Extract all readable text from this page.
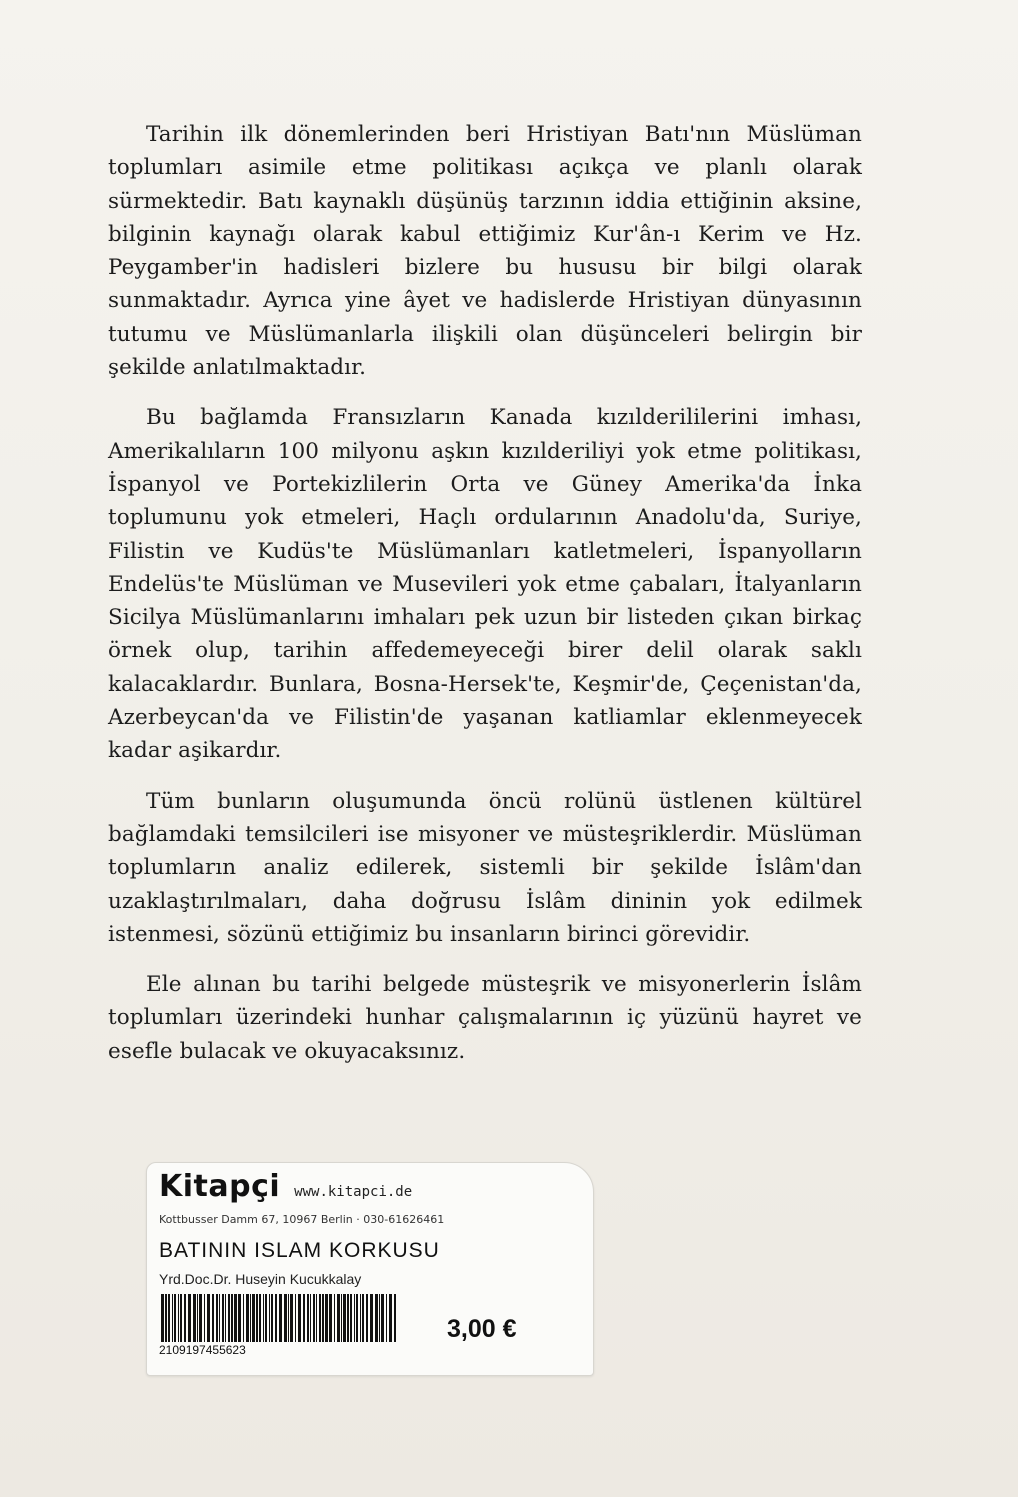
Tarihin ilk dönemlerinden beri Hristiyan Batı'nın Müslüman toplumları asimile etme politikası açıkça ve planlı olarak sürmektedir. Batı kaynaklı düşünüş tarzının iddia ettiğinin aksine, bilginin kaynağı olarak kabul ettiğimiz Kur'ân-ı Kerim ve Hz. Peygamber'in hadisleri bizlere bu hususu bir bilgi olarak sunmaktadır. Ayrıca yine âyet ve hadislerde Hristiyan dünyasının tutumu ve Müslümanlarla ilişkili olan düşünceleri belirgin bir şekilde anlatılmaktadır.

Bu bağlamda Fransızların Kanada kızılderililerini imhası, Amerikalıların 100 milyonu aşkın kızılderiliyi yok etme politikası, İspanyol ve Portekizlilerin Orta ve Güney Amerika'da İnka toplumunu yok etmeleri, Haçlı ordularının Anadolu'da, Suriye, Filistin ve Kudüs'te Müslümanları katletmeleri, İspanyolların Endelüs'te Müslüman ve Musevileri yok etme çabaları, İtalyanların Sicilya Müslümanlarını imhaları pek uzun bir listeden çıkan birkaç örnek olup, tarihin affedemeyeceği birer delil olarak saklı kalacaklardır. Bunlara, Bosna-Hersek'te, Keşmir'de, Çeçenistan'da, Azerbeycan'da ve Filistin'de yaşanan katliamlar eklenmeyecek kadar aşikardır.

Tüm bunların oluşumunda öncü rolünü üstlenen kültürel bağlamdaki temsilcileri ise misyoner ve müsteşriklerdir. Müslüman toplumların analiz edilerek, sistemli bir şekilde İslâm'dan uzaklaştırılmaları, daha doğrusu İslâm dininin yok edilmek istenmesi, sözünü ettiğimiz bu insanların birinci görevidir.

Ele alınan bu tarihi belgede müsteşrik ve misyonerlerin İslâm toplumları üzerindeki hunhar çalışmalarının iç yüzünü hayret ve esefle bulacak ve okuyacaksınız.

Kitapçi www.kitapci.de
Kottbusser Damm 67, 10967 Berlin · 030-61626461
BATININ ISLAM KORKUSU
Yrd.Doc.Dr. Huseyin Kucukkalay
2109197455623
3,00 €
